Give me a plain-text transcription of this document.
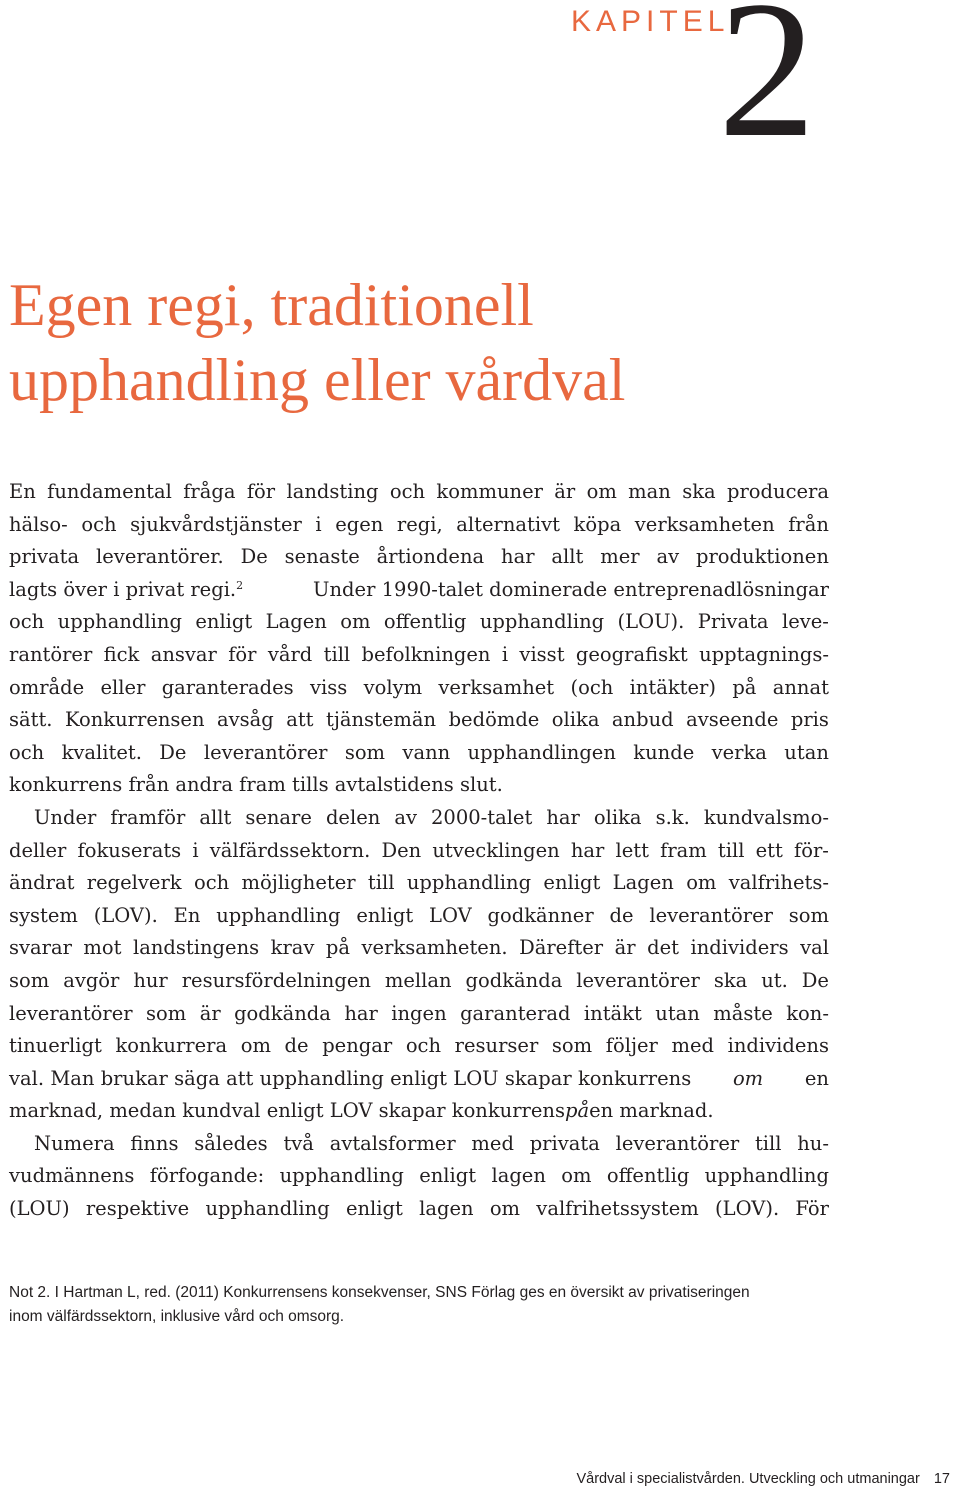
KAPITEL
2
Egen regi, traditionell
upphandling eller vårdval
En fundamental fråga för landsting och kommuner är om man ska producera
hälso- och sjukvårdstjänster i egen regi, alternativt köpa verksamheten från
privata leverantörer. De senaste årtiondena har allt mer av produktionen
lagts över i privat regi.$^2$	Under 1990-talet dominerade entreprenadlösningar
och upphandling enligt Lagen om offentlig upphandling (LOU). Privata leve-
rantörer fick ansvar för vård till befolkningen i visst geografiskt upptagnings-
område eller garanterades viss volym verksamhet (och intäkter) på annat
sätt. Konkurrensen avsåg att tjänstemän bedömde olika anbud avseende pris
och kvalitet. De leverantörer som vann upphandlingen kunde verka utan
konkurrens från andra fram tills avtalstidens slut.
Under framför allt senare delen av 2000-talet har olika s.k. kundvalsmo-
deller fokuserats i välfärdssektorn. Den utvecklingen har lett fram till ett för-
ändrat regelverk och möjligheter till upphandling enligt Lagen om valfrihets-
system (LOV). En upphandling enligt LOV godkänner de leverantörer som
svarar mot landstingens krav på verksamheten. Därefter är det individers val
som avgör hur resursfördelningen mellan godkända leverantörer ska ut. De
leverantörer som är godkända har ingen garanterad intäkt utan måste kon-
tinuerligt konkurrera om de pengar och resurser som följer med individens
val. Man brukar säga att upphandling enligt LOU skapar konkurrens om en
marknad, medan kundval enligt LOV skapar konkurrens på en marknad.
Numera finns således två avtalsformer med privata leverantörer till hu-
vudmännens förfogande: upphandling enligt lagen om offentlig upphandling
(LOU) respektive upphandling enligt lagen om valfrihetssystem (LOV). För
Not 2. I Hartman L, red. (2011) Konkurrensens konsekvenser, SNS Förlag ges en översikt av privatiseringen
inom välfärdssektorn, inklusive vård och omsorg.
Vårdval i specialistvården. Utveckling och utmaningar 17
